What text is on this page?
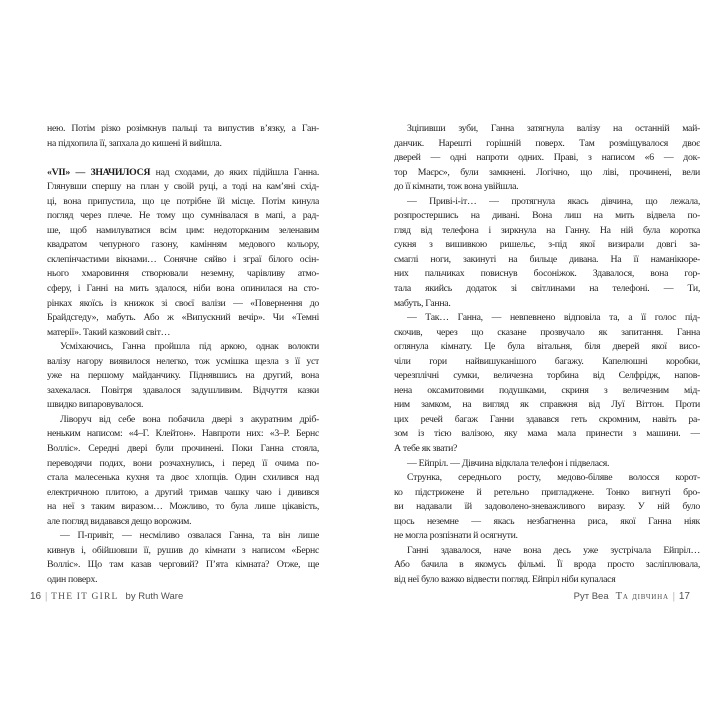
нею. Потім різко розімкнув пальці та випустив в’язку, а Ган-
на підхопила її, запхала до кишені й вийшла.
«VII» — ЗНАЧИЛОСЯ над сходами, до яких підійшла Ганна.
Глянувши спершу на план у своїй руці, а тоді на кам’яні схід-
ці, вона припустила, що це потрібне їй місце. Потім кинула
погляд через плече. Не тому що сумнівалася в мапі, а рад-
ше, щоб намилуватися всім цим: недоторканим зеленавим
квадратом чепурного газону, камінням медового кольору,
склепінчастими вікнами… Сонячне сяйво і зграї білого осін-
нього хмаровиння створювали неземну, чарівливу атмо-
сферу, і Ганні на мить здалося, ніби вона опинилася на сто-
рінках якоїсь із книжок зі своєї валізи — «Повернення до
Брайдсгеду», мабуть. Або ж «Випускний вечір». Чи «Темні
матерії». Такий казковий світ…
Усміхаючись, Ганна пройшла під аркою, однак волокти
валізу нагору виявилося нелегко, тож усмішка щезла з її уст
уже на першому майданчику. Піднявшись на другий, вона
захекалася. Повітря здавалося задушливим. Відчуття казки
швидко випаровувалося.
Ліворуч від себе вона побачила двері з акуратним дріб-
неньким написом: «4–Г. Клейтон». Навпроти них: «3–Р. Бернс
Волліс». Середні двері були прочинені. Поки Ганна стояла,
переводячи подих, вони розчахнулись, і перед її очима по-
стала малесенька кухня та двоє хлопців. Один схилився над
електричною плитою, а другий тримав чашку чаю і дивився
на неї з таким виразом… Можливо, то була лише цікавість,
але погляд видавався дещо ворожим.
— П-привіт, — несміливо озвалася Ганна, та він лише
кивнув і, обійшовши її, рушив до кімнати з написом «Бернс
Волліс». Що там казав черговий? П’ята кімната? Отже, ще
один поверх.
Зціпивши зуби, Ганна затягнула валізу на останній май-
данчик. Нарешті горішній поверх. Там розміщувалося двоє
дверей — одні напроти одних. Праві, з написом «6 — док-
тор Маєрс», були замкнені. Логічно, що ліві, прочинені, вели
до її кімнати, тож вона увійшла.
— Приві-і-іт… — протягнула якась дівчина, що лежала,
розпростершись на дивані. Вона лиш на мить відвела по-
гляд від телефона і зиркнула на Ганну. На ній була коротка
сукня з вишивкою ришельє, з-під якої визирали довгі за-
смаглі ноги, закинуті на бильце дивана. На її наманікюре-
них пальчиках повиснув босоніжок. Здавалося, вона гор-
тала якийсь додаток зі світлинами на телефоні. — Ти,
мабуть, Ганна.
— Так… Ганна, — невпевнено відповіла та, а її голос під-
скочив, через що сказане прозвучало як запитання. Ганна
оглянула кімнату. Це була вітальня, біля дверей якої висо-
чіли гори найвишуканішого багажу. Капелюшні коробки,
черезплічні сумки, величезна торбина від Селфрідж, напов-
нена оксамитовими подушками, скриня з величезним мід-
ним замком, на вигляд як справжня від Луї Віттон. Проти
цих речей багаж Ганни здавався геть скромним, навіть ра-
зом із тією валізою, яку мама мала принести з машини. —
А тебе як звати?
— Ейпріл. — Дівчина відклала телефон і підвелася.
Струнка, середнього росту, медово-біляве волосся корот-
ко підстрижене й ретельно пригладжене. Тонко вигнуті бро-
ви надавали їй задоволено-зневажливого виразу. У ній було
щось неземне — якась незбагненна риса, якої Ганна ніяк
не могла розпізнати й осягнути.
Ганні здавалося, наче вона десь уже зустрічала Ейпріл…
Або бачила в якомусь фільмі. Її врода просто засліплювала,
від неї було важко відвести погляд. Ейпріл ніби купалася
16 | THE IT GIRL by Ruth Ware	Рут Веа Та дівчина | 17
